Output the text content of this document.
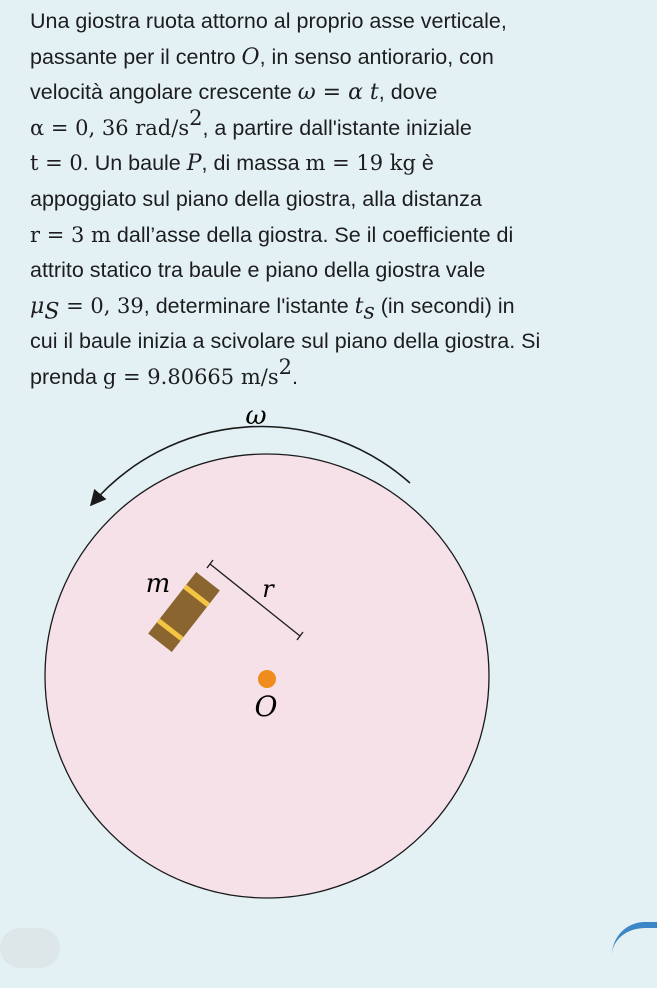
Una giostra ruota attorno al proprio asse verticale,
passante per il centro O, in senso antiorario, con
velocità angolare crescente ω = α t, dove
α = 0, 36 rad/$s^2$, a partire dall'istante iniziale
t = 0. Un baule P, di massa m = 19 kg è
appoggiato sul piano della giostra, alla distanza
r = 3 m dall’asse della giostra. Se il coefficiente di
attrito statico tra baule e piano della giostra vale
$\mu_S = 0$, 39, determinare l'istante $t_s$ (in secondi) in
cui il baule inizia a scivolare sul piano della giostra. Si
prenda g = 9.80665 $m/s^2$.
ω
m	r
O
